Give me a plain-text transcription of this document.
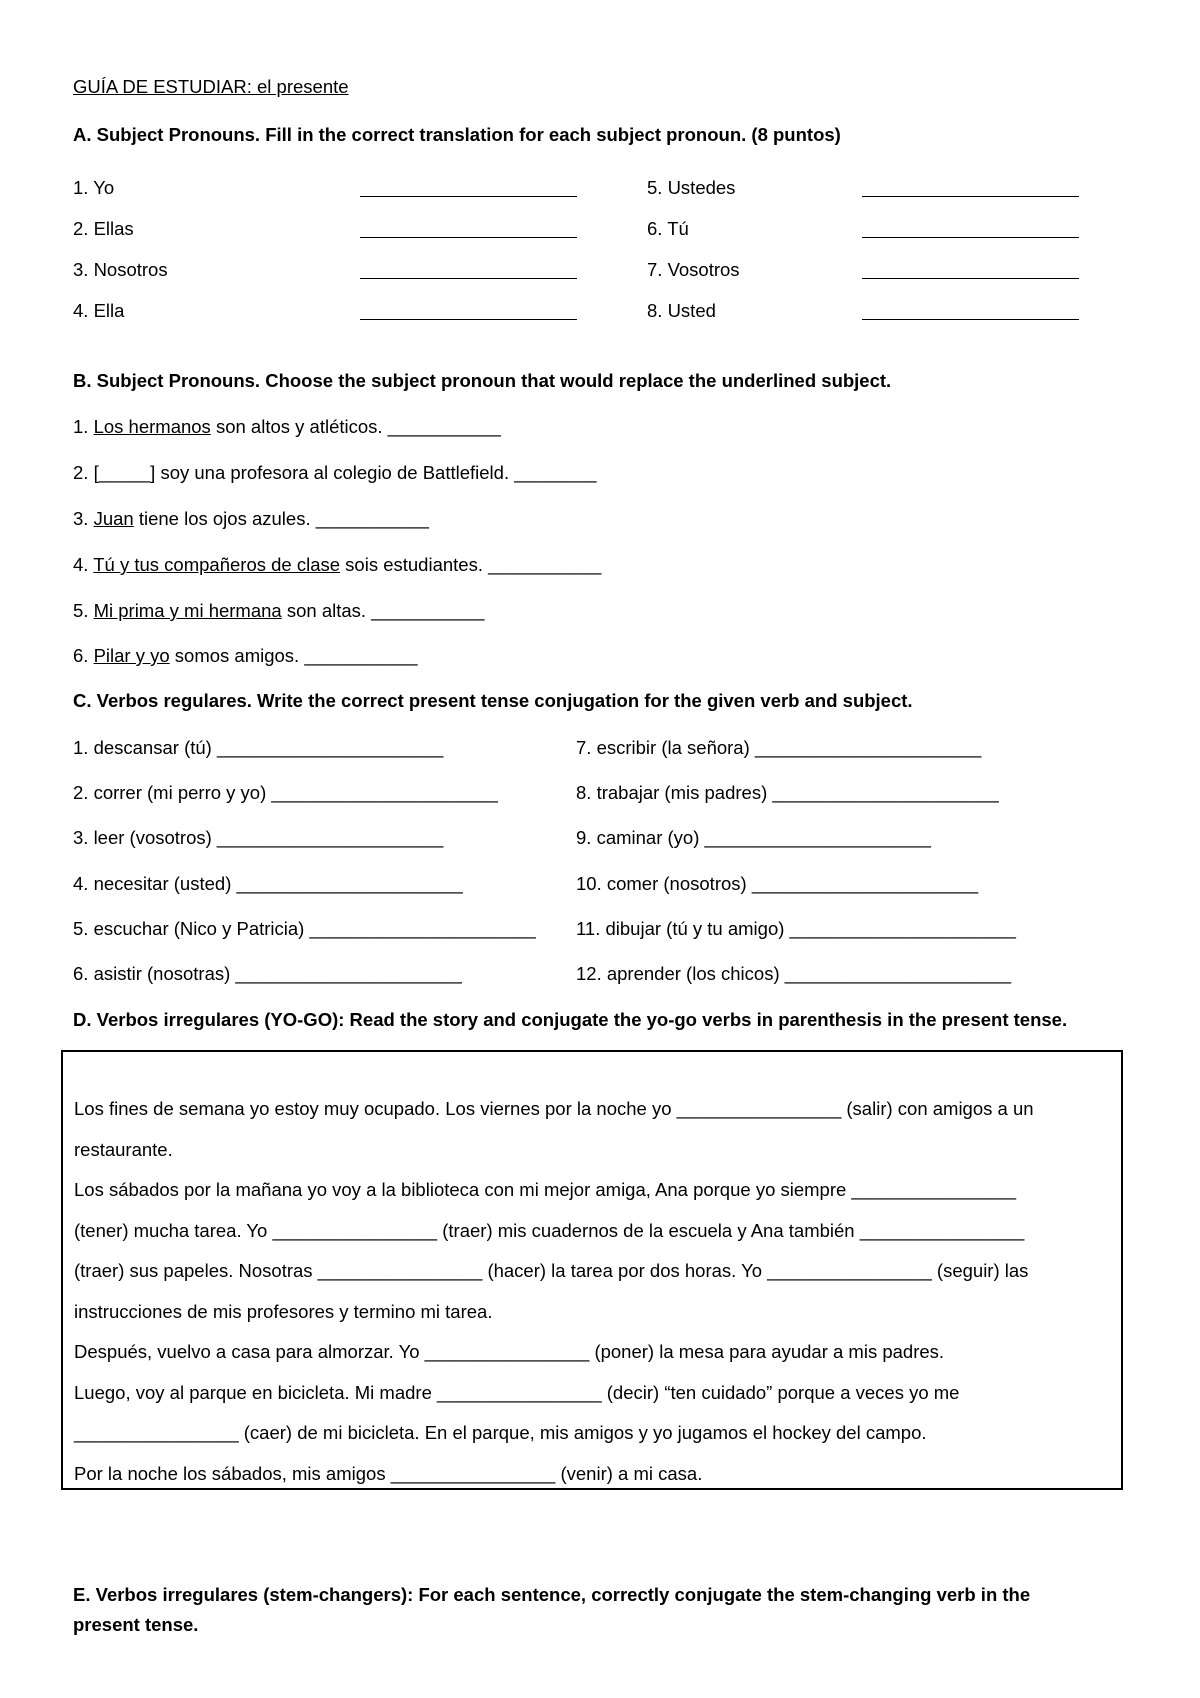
GUÍA DE ESTUDIAR: el presente
A. Subject Pronouns. Fill in the correct translation for each subject pronoun. (8 puntos)
1. Yo	5. Ustedes
2. Ellas	6. Tú
3. Nosotros	7. Vosotros
4. Ella	8. Usted
B. Subject Pronouns. Choose the subject pronoun that would replace the underlined subject.
1. Los hermanos son altos y atléticos. ___________
2. [_____] soy una profesora al colegio de Battlefield. ________
3. Juan tiene los ojos azules. ___________
4. Tú y tus compañeros de clase sois estudiantes. ___________
5. Mi prima y mi hermana son altas. ___________
6. Pilar y yo somos amigos. ___________
C. Verbos regulares. Write the correct present tense conjugation for the given verb and subject.
1. descansar (tú) ______________________	7. escribir (la señora) ______________________
2. correr (mi perro y yo) ______________________	8. trabajar (mis padres) ______________________
3. leer (vosotros) ______________________	9. caminar (yo) ______________________
4. necesitar (usted) ______________________	10. comer (nosotros) ______________________
5. escuchar (Nico y Patricia) ______________________ 11. dibujar (tú y tu amigo) ______________________
6. asistir (nosotras) ______________________	12. aprender (los chicos) ______________________
D. Verbos irregulares (YO-GO): Read the story and conjugate the yo-go verbs in parenthesis in the present tense.
Los fines de semana yo estoy muy ocupado. Los viernes por la noche yo ________________ (salir) con amigos a un
restaurante.
Los sábados por la mañana yo voy a la biblioteca con mi mejor amiga, Ana porque yo siempre ________________
(tener) mucha tarea. Yo ________________ (traer) mis cuadernos de la escuela y Ana también ________________
(traer) sus papeles. Nosotras ________________ (hacer) la tarea por dos horas. Yo ________________ (seguir) las
instrucciones de mis profesores y termino mi tarea.
Después, vuelvo a casa para almorzar. Yo ________________ (poner) la mesa para ayudar a mis padres.
Luego, voy al parque en bicicleta. Mi madre ________________ (decir) “ten cuidado” porque a veces yo me
________________ (caer) de mi bicicleta. En el parque, mis amigos y yo jugamos el hockey del campo.
Por la noche los sábados, mis amigos ________________ (venir) a mi casa.
E. Verbos irregulares (stem-changers): For each sentence, correctly conjugate the stem-changing verb in the
present tense.
